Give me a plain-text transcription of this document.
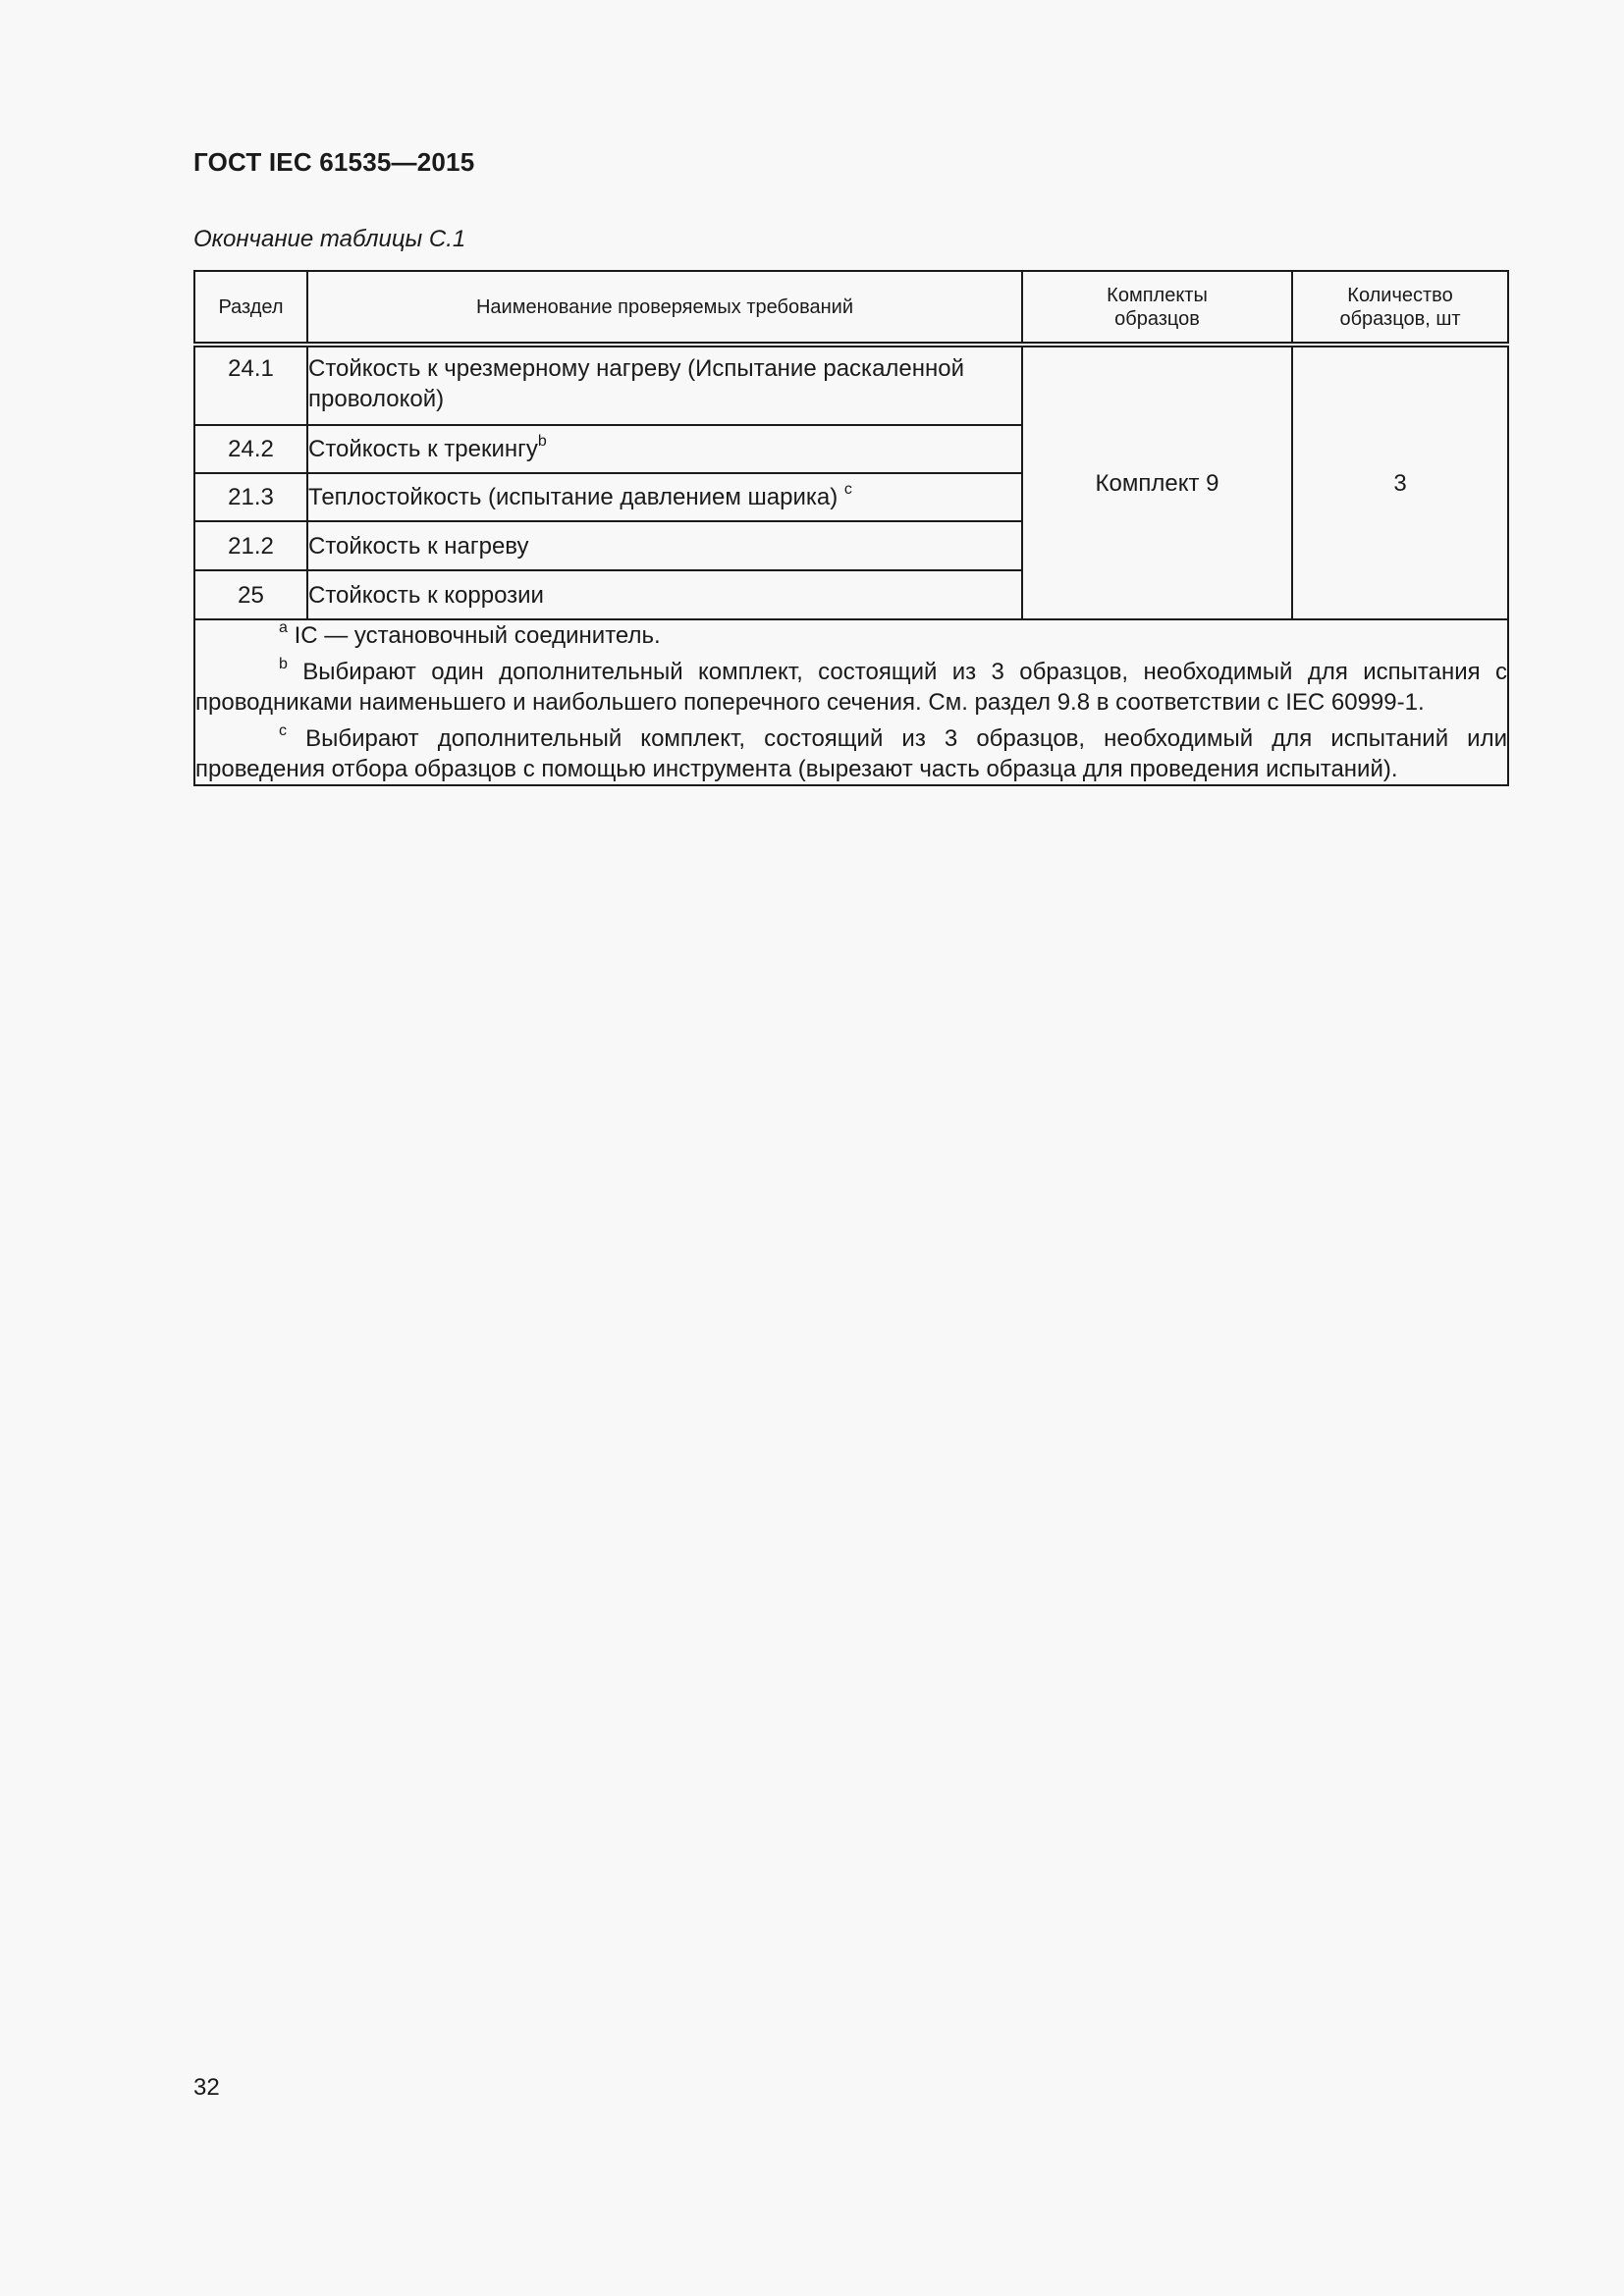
ГОСТ IEC 61535—2015
Окончание таблицы С.1
Раздел	Наименование проверяемых требований	Комплекты образцов	Количество образцов, шт
24.1	Стойкость к чрезмерному нагреву (Испытание раскаленной проволокой)	Комплект 9	3
24.2	Стойкость к трекингу$^b$
21.3	Теплостойкость (испытание давлением шарика) $^c$
21.2	Стойкость к нагреву		
25	Стойкость к коррозии		

$^a$ IC — установочный соединитель.

$^b$ Выбирают один дополнительный комплект, состоящий из 3 образцов, необходимый для испытания с проводниками наименьшего и наибольшего поперечного сечения. См. раздел 9.8 в соответствии с IEC 60999-1.

$^c$ Выбирают дополнительный комплект, состоящий из 3 образцов, необходимый для испытаний или проведения отбора образцов с помощью инструмента (вырезают часть образца для проведения испытаний).			

32
